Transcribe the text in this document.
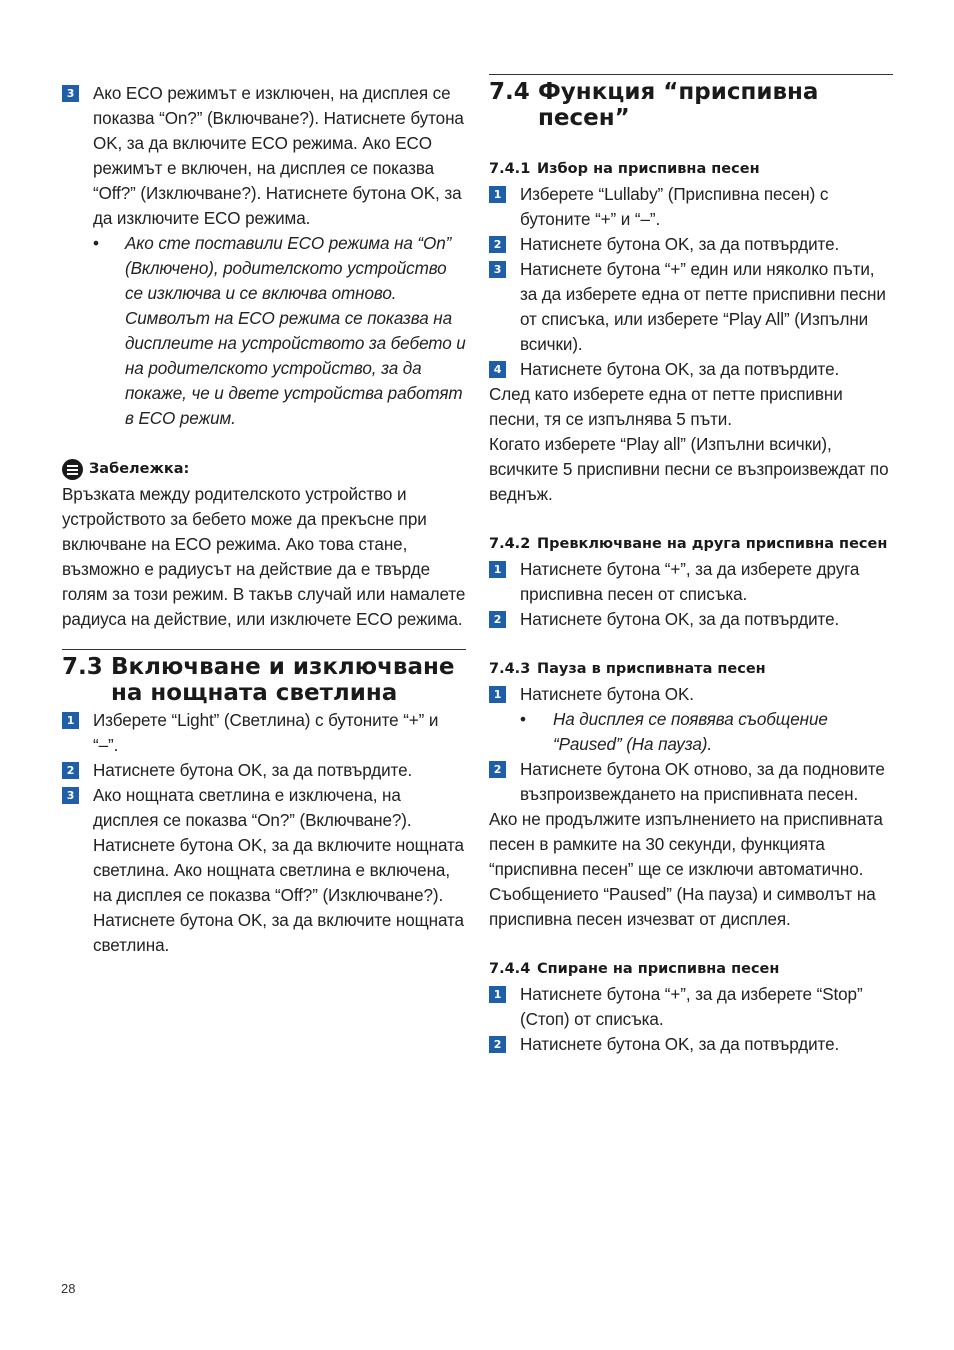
3 Ако ECO режимът е изключен, на дисплея се показва “On?” (Включване?). Натиснете бутона OK, за да включите ECO режима. Ако ECO режимът е включен, на дисплея се показва “Off?” (Изключване?). Натиснете бутона OK, за да изключите ECO режима.
• Ако сте поставили ECO режима на “On” (Включено), родителското устройство се изключва и се включва отново. Символът на ECO режима се показва на дисплеите на устройството за бебето и на родителското устройство, за да покаже, че и двете устройства работят в ECO режим.
Забележка:

Връзката между родителското устройство и устройството за бебето може да прекъсне при включване на ECO режима. Ако това стане, възможно е радиусът на действие да е твърде голям за този режим. В такъв случай или намалете радиуса на действие, или изключете ECO режима.

7.3 Включване и изключване на нощната светлина
1 Изберете “Light” (Светлина) с бутоните “+” и “–”.
2 Натиснете бутона OK, за да потвърдите.
3 Ако нощната светлина е изключена, на дисплея се показва “On?” (Включване?). Натиснете бутона OK, за да включите нощната светлина. Ако нощната светлина е включена, на дисплея се показва “Off?” (Изключване?). Натиснете бутона OK, за да включите нощната светлина.
7.4 Функция “приспивна песен”
7.4.1 Избор на приспивна песен
1 Изберете “Lullaby” (Приспивна песен) с бутоните “+” и “–”.
2 Натиснете бутона OK, за да потвърдите.
3 Натиснете бутона “+” един или няколко пъти, за да изберете една от петте приспивни песни от списъка, или изберете “Play All” (Изпълни всички).
4 Натиснете бутона OK, за да потвърдите.

След като изберете една от петте приспивни песни, тя се изпълнява 5 пъти.

Когато изберете “Play all” (Изпълни всички), всичките 5 приспивни песни се възпроизвеждат по веднъж.

7.4.2 Превключване на друга приспивна песен
1 Натиснете бутона “+”, за да изберете друга приспивна песен от списъка.
2 Натиснете бутона OK, за да потвърдите.
7.4.3 Пауза в приспивната песен
1 Натиснете бутона OK.
• На дисплея се появява съобщение “Paused” (На пауза).
2 Натиснете бутона OK отново, за да подновите възпроизвеждането на приспивната песен.

Ако не продължите изпълнението на приспивната песен в рамките на 30 секунди, функцията “приспивна песен” ще се изключи автоматично. Съобщението “Paused” (На пауза) и символът на приспивна песен изчезват от дисплея.

7.4.4 Спиране на приспивна песен
1 Натиснете бутона “+”, за да изберете “Stop” (Стоп) от списъка.
2 Натиснете бутона OK, за да потвърдите.
28
